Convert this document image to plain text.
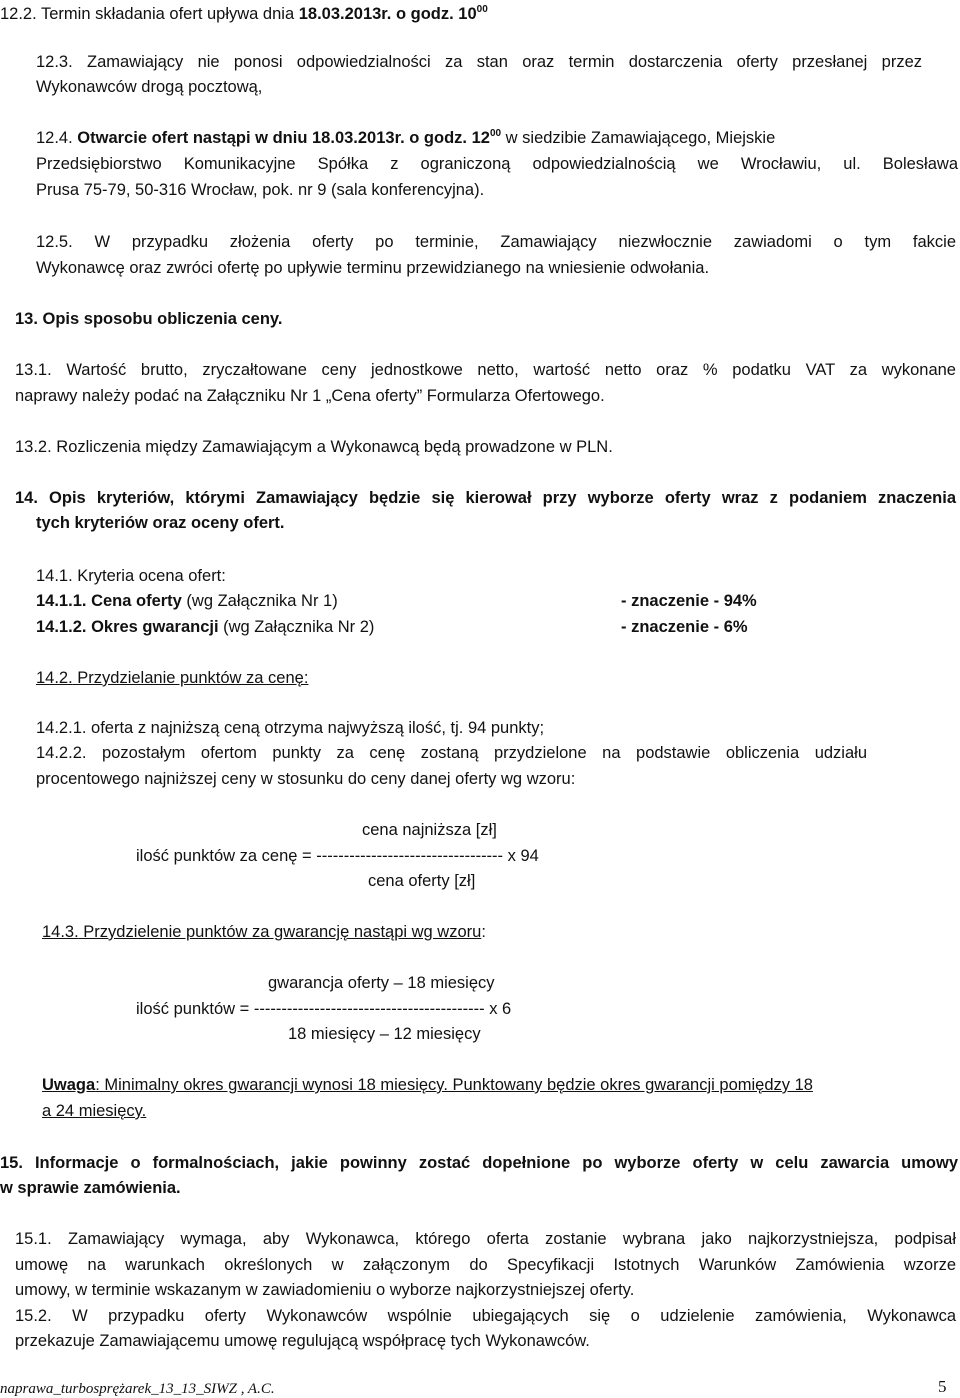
12.2. Termin składania ofert upływa dnia 18.03.2013r. o godz. $10^{00}$
12.3. Zamawiający nie ponosi odpowiedzialności za stan oraz termin dostarczenia oferty przesłanej przez
Wykonawców drogą pocztową,
12.4. Otwarcie ofert nastąpi w dniu 18.03.2013r. o godz. $12^{00}$ w siedzibie Zamawiającego, Miejskie
Przedsiębiorstwo Komunikacyjne Spółka z ograniczoną odpowiedzialnością we Wrocławiu, ul. Bolesława
Prusa 75-79, 50-316 Wrocław, pok. nr 9 (sala konferencyjna).
12.5. W przypadku złożenia oferty po terminie, Zamawiający niezwłocznie zawiadomi o tym fakcie
Wykonawcę oraz zwróci ofertę po upływie terminu przewidzianego na wniesienie odwołania.
13. Opis sposobu obliczenia ceny.
13.1. Wartość brutto, zryczałtowane ceny jednostkowe netto, wartość netto oraz % podatku VAT za wykonane
naprawy należy podać na Załączniku Nr 1 „Cena oferty” Formularza Ofertowego.
13.2. Rozliczenia między Zamawiającym a Wykonawcą będą prowadzone w PLN.
14. Opis kryteriów, którymi Zamawiający będzie się kierował przy wyborze oferty wraz z podaniem znaczenia
tych kryteriów oraz oceny ofert.
14.1. Kryteria ocena ofert:
14.1.1. Cena oferty (wg Załącznika Nr 1)	- znaczenie - 94%
14.1.2. Okres gwarancji (wg Załącznika Nr 2)	- znaczenie - 6%
14.2. Przydzielanie punktów za cenę:
14.2.1. oferta z najniższą ceną otrzyma najwyższą ilość, tj. 94 punkty;
14.2.2. pozostałym ofertom punkty za cenę zostaną przydzielone na podstawie obliczenia udziału
procentowego najniższej ceny w stosunku do ceny danej oferty wg wzoru:
cena najniższa [zł]
ilość punktów za cenę = ---------------------------------- x 94
cena oferty [zł]
14.3. Przydzielenie punktów za gwarancję nastąpi wg wzoru:
gwarancja oferty – 18 miesięcy
ilość punktów = ------------------------------------------ x 6
18 miesięcy – 12 miesięcy
Uwaga: Minimalny okres gwarancji wynosi 18 miesięcy. Punktowany będzie okres gwarancji pomiędzy 18
a 24 miesięcy.
15. Informacje o formalnościach, jakie powinny zostać dopełnione po wyborze oferty w celu zawarcia umowy
w sprawie zamówienia.
15.1. Zamawiający wymaga, aby Wykonawca, którego oferta zostanie wybrana jako najkorzystniejsza, podpisał
umowę na warunkach określonych w załączonym do Specyfikacji Istotnych Warunków Zamówienia wzorze
umowy, w terminie wskazanym w zawiadomieniu o wyborze najkorzystniejszej oferty.
15.2. W przypadku oferty Wykonawców wspólnie ubiegających się o udzielenie zamówienia, Wykonawca
przekazuje Zamawiającemu umowę regulującą współpracę tych Wykonawców.
naprawa_turbosprężarek_13_13_SIWZ , A.C.	5
